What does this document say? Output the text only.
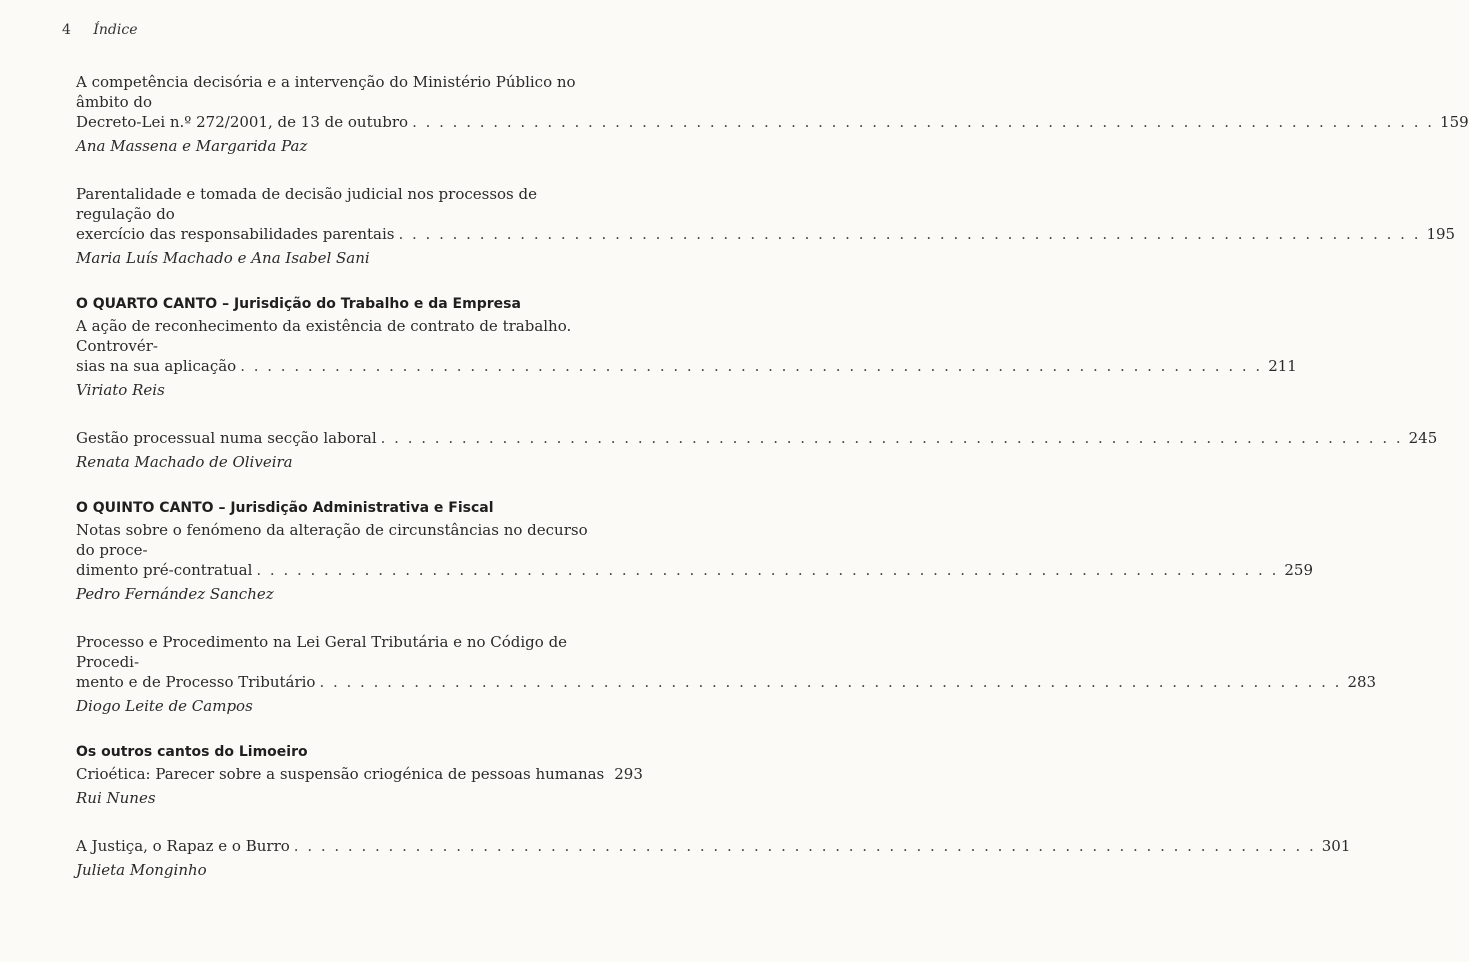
4 Índice
A competência decisória e a intervenção do Ministério Público no âmbito do
Decreto-Lei n.º 272/2001, de 13 de outubro . . .	159
Ana Massena e Margarida Paz
Parentalidade e tomada de decisão judicial nos processos de regulação do
exercício das responsabilidades parentais . . .	195
Maria Luís Machado e Ana Isabel Sani
O QUARTO CANTO – Jurisdição do Trabalho e da Empresa
A ação de reconhecimento da existência de contrato de trabalho. Controvér-
sias na sua aplicação . . .	211
Viriato Reis
Gestão processual numa secção laboral . . .	245
Renata Machado de Oliveira
O QUINTO CANTO – Jurisdição Administrativa e Fiscal
Notas sobre o fenómeno da alteração de circunstâncias no decurso do proce-
dimento pré-contratual . . .	259
Pedro Fernández Sanchez
Processo e Procedimento na Lei Geral Tributária e no Código de Procedi-
mento e de Processo Tributário . . .	283
Diogo Leite de Campos
Os outros cantos do Limoeiro
Crioética: Parecer sobre a suspensão criogénica de pessoas humanas 293
Rui Nunes
A Justiça, o Rapaz e o Burro . . .	301
Julieta Monginho
